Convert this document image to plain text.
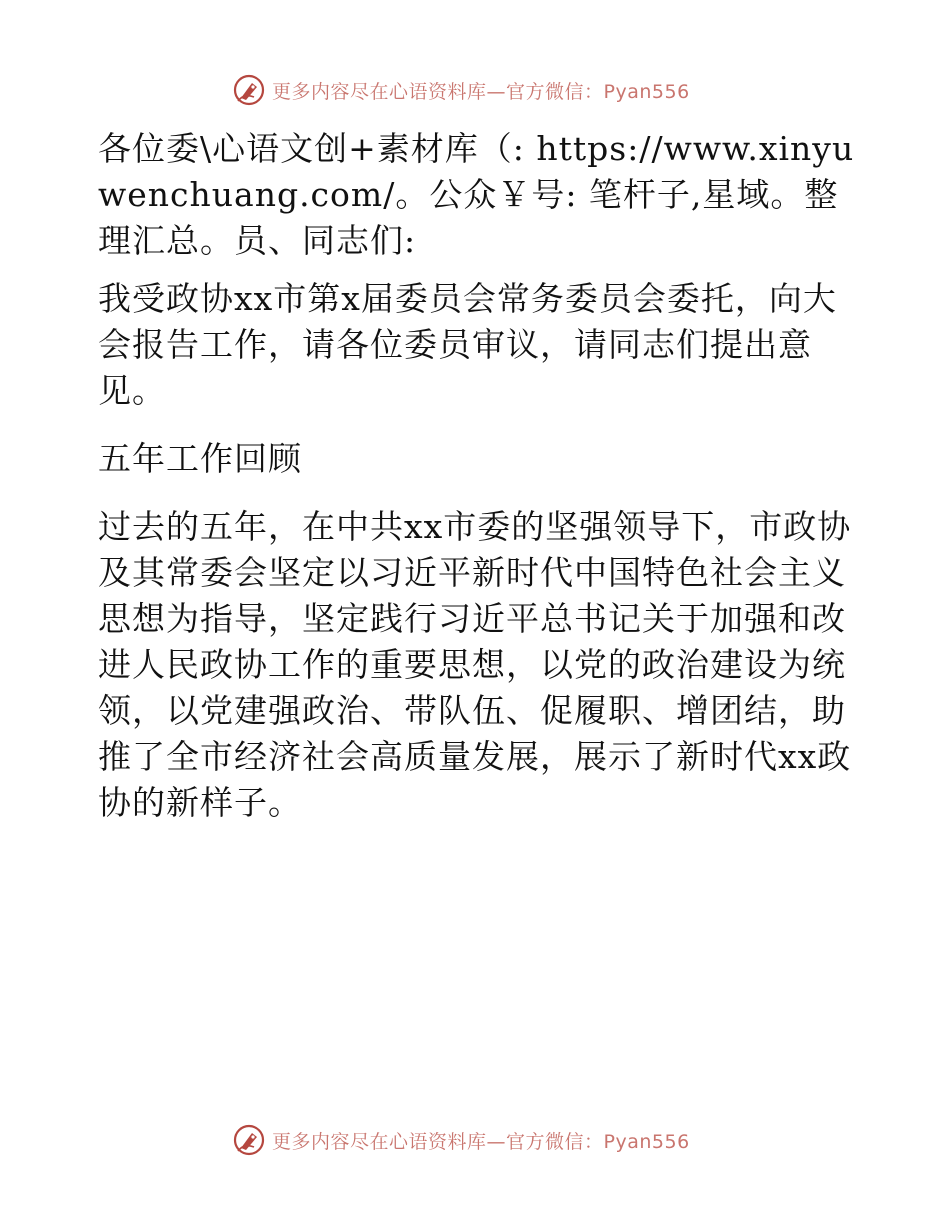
更多内容尽在心语资料库—官方微信：Pyan556

各位委\心语文创+素材库（: https://www.xinyuwenchuang.com/。公众￥号: 笔杆子,星域。整理汇总。员、同志们:

我受政协xx市第x届委员会常务委员会委托，向大会报告工作，请各位委员审议，请同志们提出意见。

五年工作回顾

过去的五年，在中共xx市委的坚强领导下，市政协及其常委会坚定以习近平新时代中国特色社会主义思想为指导，坚定践行习近平总书记关于加强和改进人民政协工作的重要思想，以党的政治建设为统领，以党建强政治、带队伍、促履职、增团结，助推了全市经济社会高质量发展，展示了新时代xx政协的新样子。

更多内容尽在心语资料库—官方微信：Pyan556
